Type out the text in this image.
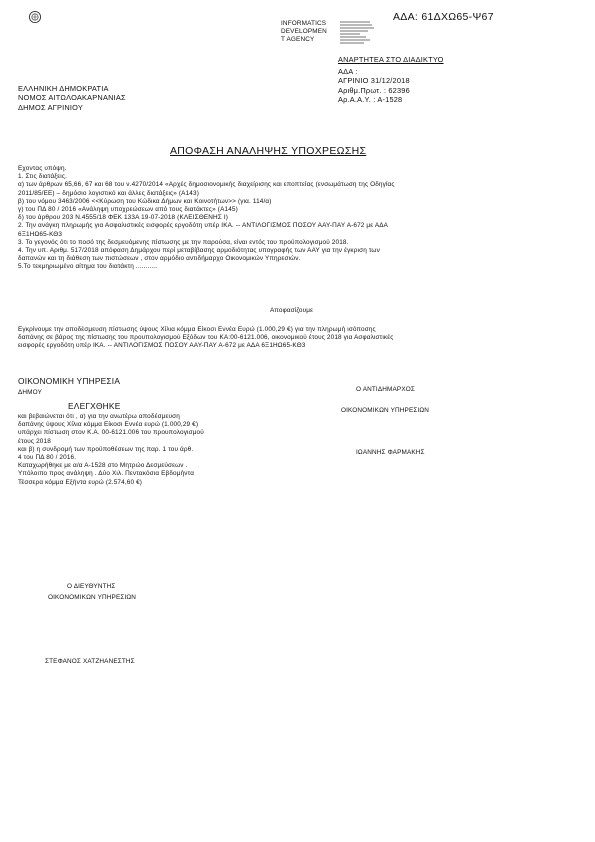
ΑΔΑ: 61ΔΧΩ65-Ψ67
INFORMATICS
DEVELOPMEN
T AGENCY
ΑΝΑΡΤΗΤΕΑ ΣΤΟ ΔΙΑΔΙΚΤΥΟ
ΕΛΛΗΝΙΚΗ ΔΗΜΟΚΡΑΤΙΑ
ΝΟΜΟΣ ΑΙΤΩΛΟΑΚΑΡΝΑΝΙΑΣ
ΔΗΜΟΣ ΑΓΡΙΝΙΟΥ
ΑΔΑ :
ΑΓΡΙΝΙΟ 31/12/2018
Αριθμ.Πρωτ. : 62396
Αρ.Α.Α.Υ. : Α-1528
ΑΠΟΦΑΣΗ ΑΝΑΛΗΨΗΣ ΥΠΟΧΡΕΩΣΗΣ
Εχοντας υπόψη.
1. Στις διατάξεις.
α) των άρθρων 65,66, 67 και 68 του ν.4270/2014 «Αρχές δημοσιονομικής διαχείρισης και εποπτείας (ενσωμάτωση της Οδηγίας
2011/85/ΕΕ) – δημόσιο λογιστικό και άλλες διατάξεις» (Α143)
β) του νόμου 3463/2006 <<Κύρωση του Κώδικα Δήμων και Κοινοτήτων>> (για. 114/α)
γ) του ΠΔ 80 / 2016 «Ανάληψη υποχρεώσεων από τους διατάκτες» (Α145)
δ) του άρθρου 203 Ν.4555/18 ΦΕΚ 133Α 19-07-2018 (ΚΛΕΙΣΘΕΝΗΣ Ι)
2. Την ανάγκη πληρωμής για Ασφαλιστικές εισφορές εργοδότη υπέρ ΙΚΑ. -- ΑΝΤΙΛΟΓΙΣΜΟΣ ΠΟΣΟΥ ΑΑΥ-ΠΑΥ Α-672 με ΑΔΑ
6Ξ1ΗΩ65-ΚΘ3
3. Το γεγονός ότι το ποσό της δεσμευόμενης πίστωσης με την παρούσα, είναι εντός του προϋπολογισμού 2018.
4. Την υπ. Αριθμ. 517/2018 απόφαση Δημάρχου περί μεταβίβασης αρμοδιότητας υπογραφής των ΑΑΥ για την έγκριση των
δαπανών και τη διάθεση των πιστώσεων , στον αρμόδιο αντιδήμαρχο Οικονομικών Υπηρεσιών.
5.Το τεκμηριωμένο αίτημα του διατάκτη ...........
Αποφασίζουμε
Εγκρίνουμε την αποδέσμευση πίστωσης ύψους Χίλια κόμμα Είκοσι Εννέα Ευρώ (1.000,29 €) για την πληρωμή ισόποσης
δαπάνης σε βάρος της πίστωσης του προυπολογισμού Εξόδων του ΚΑ:00-6121.006, οικονομικού έτους 2018 για Ασφαλιστικές
εισφορές εργοδότη υπέρ ΙΚΑ. -- ΑΝΤΙΛΟΓΙΣΜΟΣ ΠΟΣΟΥ ΑΑΥ-ΠΑΥ Α-672 με ΑΔΑ 6Ξ1ΗΩ65-ΚΘ3
ΟΙΚΟΝΟΜΙΚΗ ΥΠΗΡΕΣΙΑ
ΔΗΜΟΥ
ΕΛΕΓΧΘΗΚΕ
και βεβαιώνεται ότι , α) για την ανωτέρω αποδέσμευση
δαπάνης ύψους Χίλια κόμμα Είκοσι Εννέα ευρώ (1.000,29 €)
υπάρχει πίστωση στον Κ.Α. 00-6121.006 του προυπολογισμού
έτους 2018
και β) η συνδρομή των προϋποθέσεων της παρ. 1 του άρθ.
4 του ΠΔ 80 / 2016.
Καταχωρήθηκε με α/α Α-1528 στο Μητρώο Δεσμεύσεων .
Υπόλοιπο προς ανάληψη . Δύο Χιλ. Πεντακόσια Εβδομήντα
Τέσσερα κόμμα Εξήντα ευρώ (2.574,60 €)
Ο ΑΝΤΙΔΗΜΑΡΧΟΣ
ΟΙΚΟΝΟΜΙΚΩΝ ΥΠΗΡΕΣΙΩΝ
ΙΩΑΝΝΗΣ ΦΑΡΜΑΚΗΣ
Ο ΔΙΕΥΘΥΝΤΗΣ
ΟΙΚΟΝΟΜΙΚΩΝ ΥΠΗΡΕΣΙΩΝ
ΣΤΕΦΑΝΟΣ ΧΑΤΖΗΑΝΕΣΤΗΣ
